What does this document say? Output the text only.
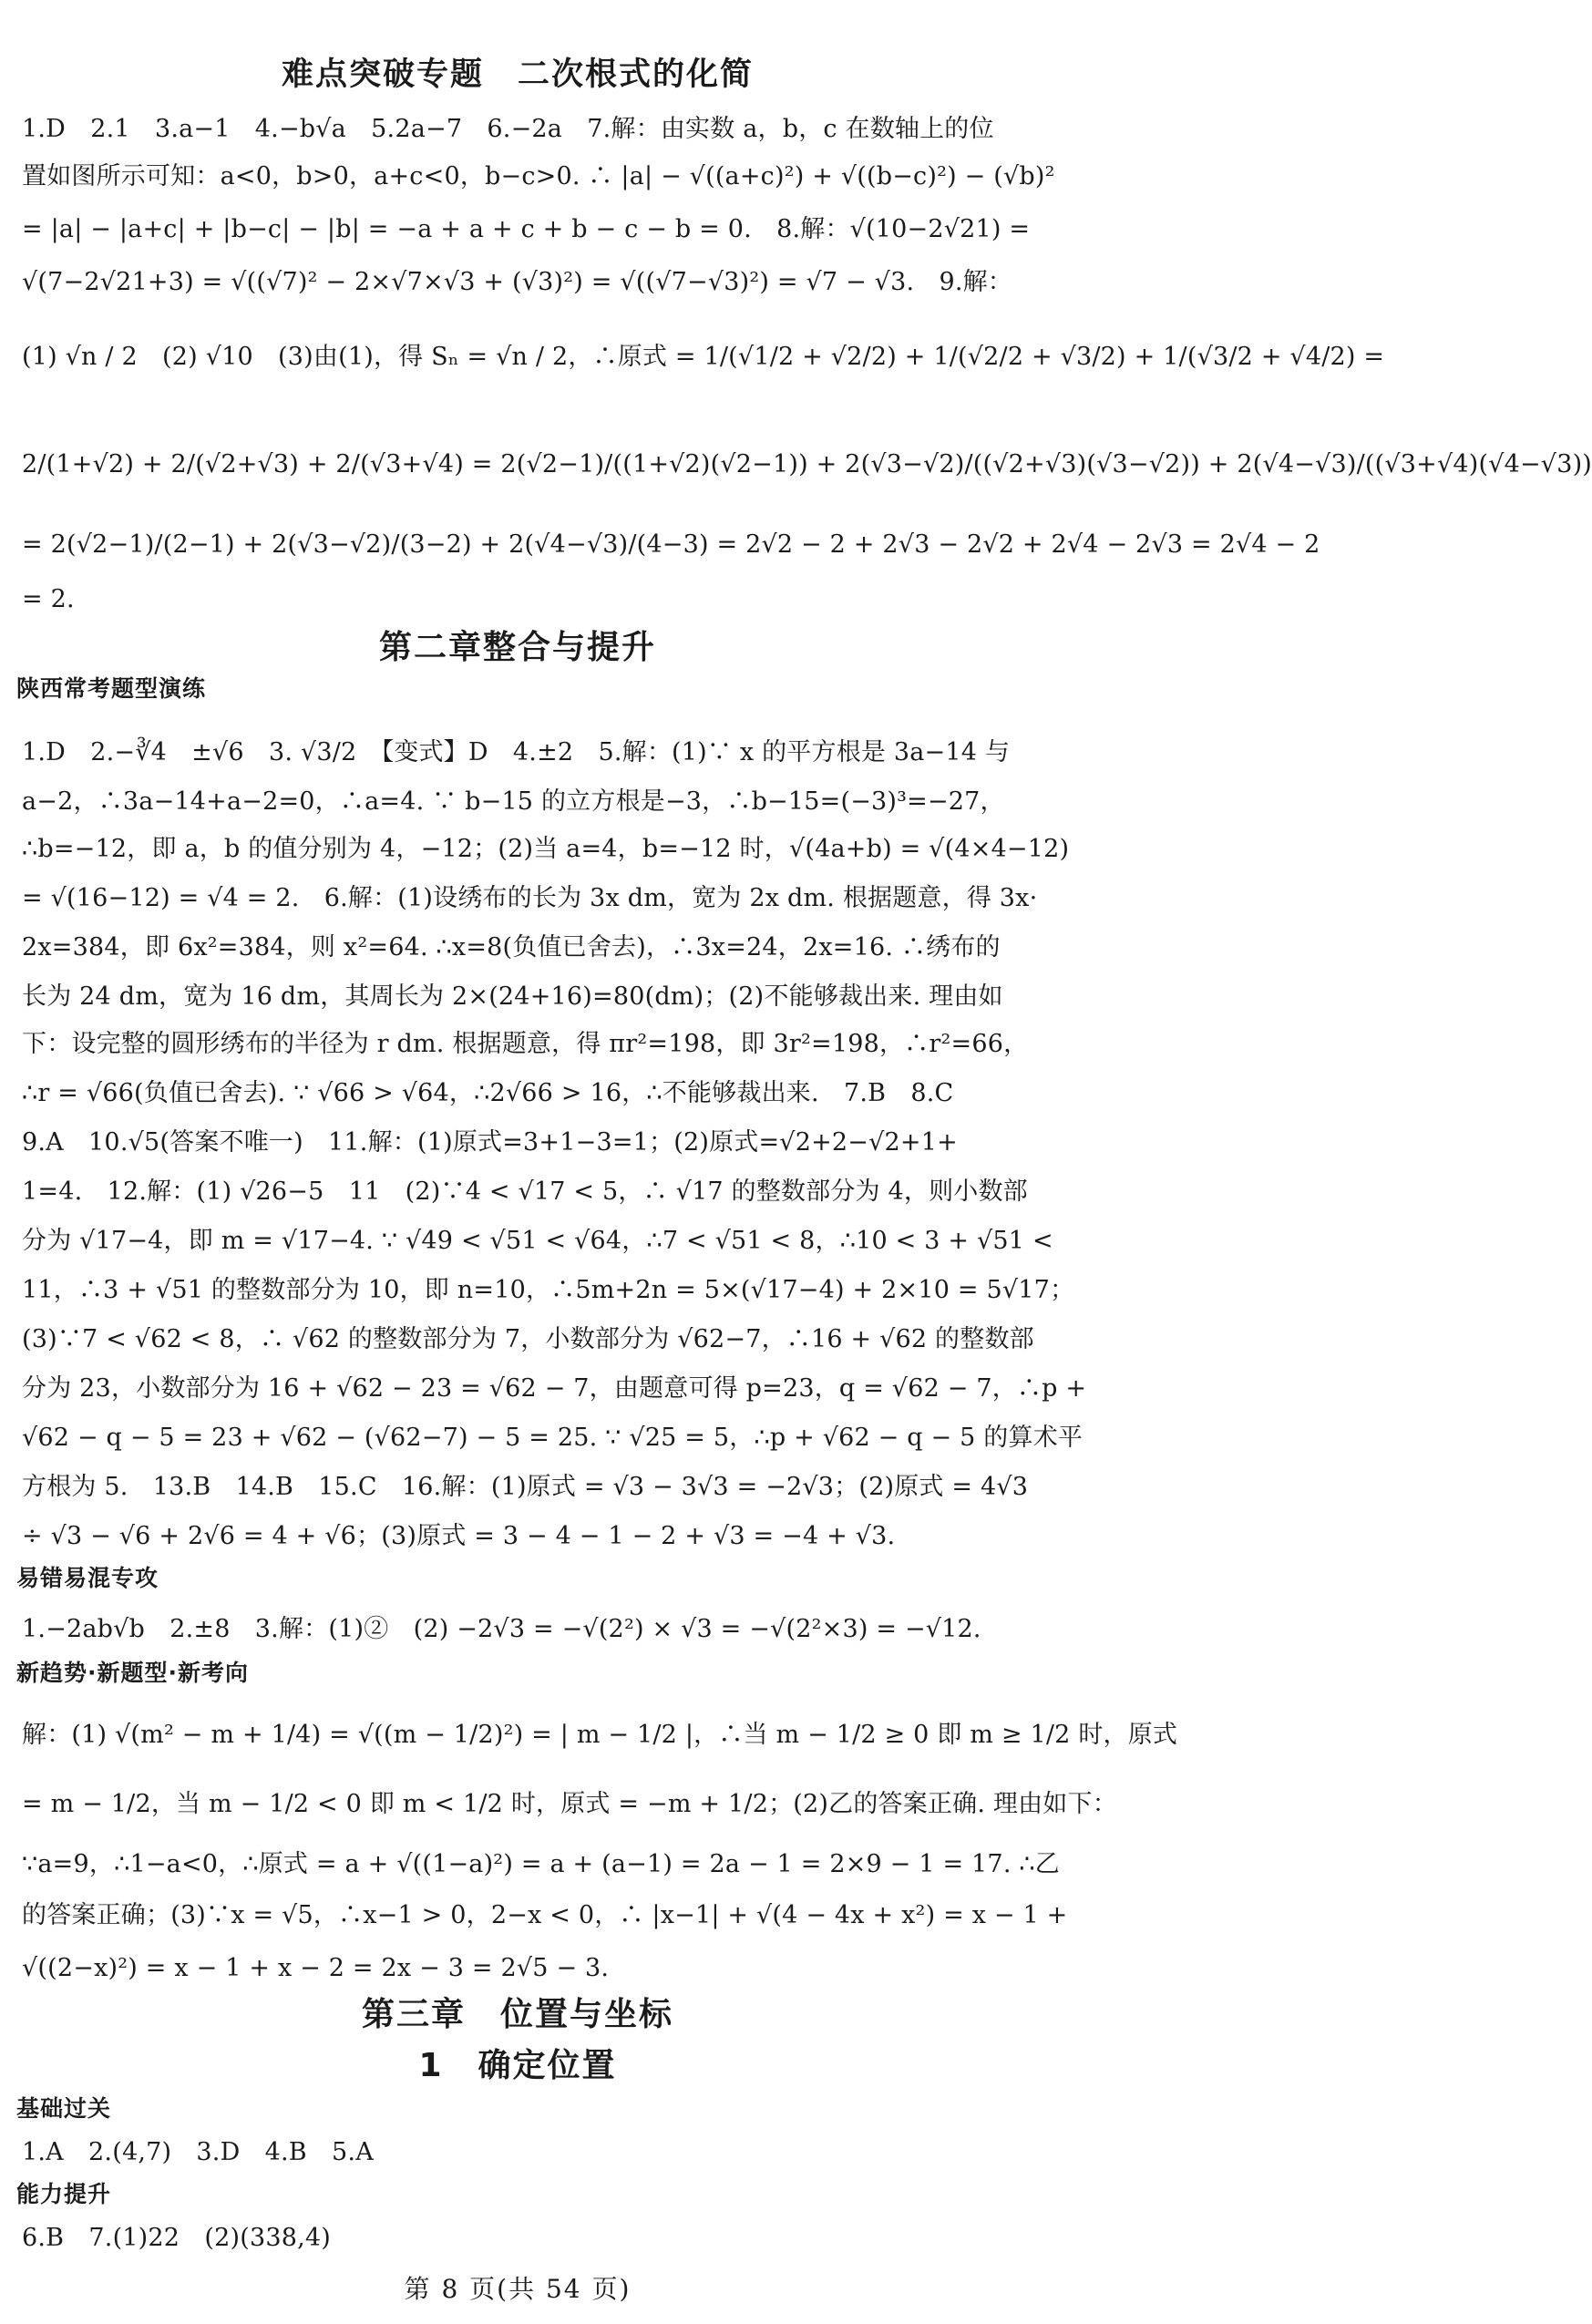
难点突破专题　二次根式的化简
1.D　2.1　3.a−1　4.−b√a　5.2a−7　6.−2a　7.解：由实数 a，b，c 在数轴上的位
置如图所示可知：a<0，b>0，a+c<0，b−c>0. ∴ |a| − √((a+c)²) + √((b−c)²) − (√b)²
= |a| − |a+c| + |b−c| − |b| = −a + a + c + b − c − b = 0.　8.解：√(10−2√21) =
√(7−2√21+3) = √((√7)² − 2×√7×√3 + (√3)²) = √((√7−√3)²) = √7 − √3.　9.解：
(1) √n / 2　(2) √10　(3)由(1)，得 Sₙ = √n / 2，∴原式 = 1/(√1/2 + √2/2) + 1/(√2/2 + √3/2) + 1/(√3/2 + √4/2) =
2/(1+√2) + 2/(√2+√3) + 2/(√3+√4) = 2(√2−1)/((1+√2)(√2−1)) + 2(√3−√2)/((√2+√3)(√3−√2)) + 2(√4−√3)/((√3+√4)(√4−√3))
= 2(√2−1)/(2−1) + 2(√3−√2)/(3−2) + 2(√4−√3)/(4−3) = 2√2 − 2 + 2√3 − 2√2 + 2√4 − 2√3 = 2√4 − 2
= 2.
第二章整合与提升
陕西常考题型演练
1.D　2.−∛4　±√6　3. √3/2　【变式】D　4.±2　5.解：(1)∵ x 的平方根是 3a−14 与
a−2，∴3a−14+a−2=0，∴a=4. ∵ b−15 的立方根是−3，∴b−15=(−3)³=−27，
∴b=−12，即 a，b 的值分别为 4，−12；(2)当 a=4，b=−12 时，√(4a+b) = √(4×4−12)
= √(16−12) = √4 = 2.　6.解：(1)设绣布的长为 3x dm，宽为 2x dm. 根据题意，得 3x·
2x=384，即 6x²=384，则 x²=64. ∴x=8(负值已舍去)，∴3x=24，2x=16. ∴绣布的
长为 24 dm，宽为 16 dm，其周长为 2×(24+16)=80(dm)；(2)不能够裁出来. 理由如
下：设完整的圆形绣布的半径为 r dm. 根据题意，得 πr²=198，即 3r²=198，∴r²=66，
∴r = √66(负值已舍去). ∵ √66 > √64，∴2√66 > 16，∴不能够裁出来.　7.B　8.C
9.A　10.√5(答案不唯一)　11.解：(1)原式=3+1−3=1；(2)原式=√2+2−√2+1+
1=4.　12.解：(1) √26−5　11　(2)∵4 < √17 < 5，∴ √17 的整数部分为 4，则小数部
分为 √17−4，即 m = √17−4. ∵ √49 < √51 < √64，∴7 < √51 < 8，∴10 < 3 + √51 <
11，∴3 + √51 的整数部分为 10，即 n=10，∴5m+2n = 5×(√17−4) + 2×10 = 5√17；
(3)∵7 < √62 < 8，∴ √62 的整数部分为 7，小数部分为 √62−7，∴16 + √62 的整数部
分为 23，小数部分为 16 + √62 − 23 = √62 − 7，由题意可得 p=23，q = √62 − 7，∴p +
√62 − q − 5 = 23 + √62 − (√62−7) − 5 = 25. ∵ √25 = 5，∴p + √62 − q − 5 的算术平
方根为 5.　13.B　14.B　15.C　16.解：(1)原式 = √3 − 3√3 = −2√3；(2)原式 = 4√3
÷ √3 − √6 + 2√6 = 4 + √6；(3)原式 = 3 − 4 − 1 − 2 + √3 = −4 + √3.
易错易混专攻
1.−2ab√b　2.±8　3.解：(1)②　(2) −2√3 = −√(2²) × √3 = −√(2²×3) = −√12.
新趋势·新题型·新考向
解：(1) √(m² − m + 1/4) = √((m − 1/2)²) = | m − 1/2 |，∴当 m − 1/2 ≥ 0 即 m ≥ 1/2 时，原式
= m − 1/2，当 m − 1/2 < 0 即 m < 1/2 时，原式 = −m + 1/2；(2)乙的答案正确. 理由如下：
∵a=9，∴1−a<0，∴原式 = a + √((1−a)²) = a + (a−1) = 2a − 1 = 2×9 − 1 = 17. ∴乙
的答案正确；(3)∵x = √5，∴x−1 > 0，2−x < 0，∴ |x−1| + √(4 − 4x + x²) = x − 1 +
√((2−x)²) = x − 1 + x − 2 = 2x − 3 = 2√5 − 3.
第三章　位置与坐标
1　确定位置
基础过关
1.A　2.(4,7)　3.D　4.B　5.A
能力提升
6.B　7.(1)22　(2)(338,4)
第 8 页(共 54 页)
